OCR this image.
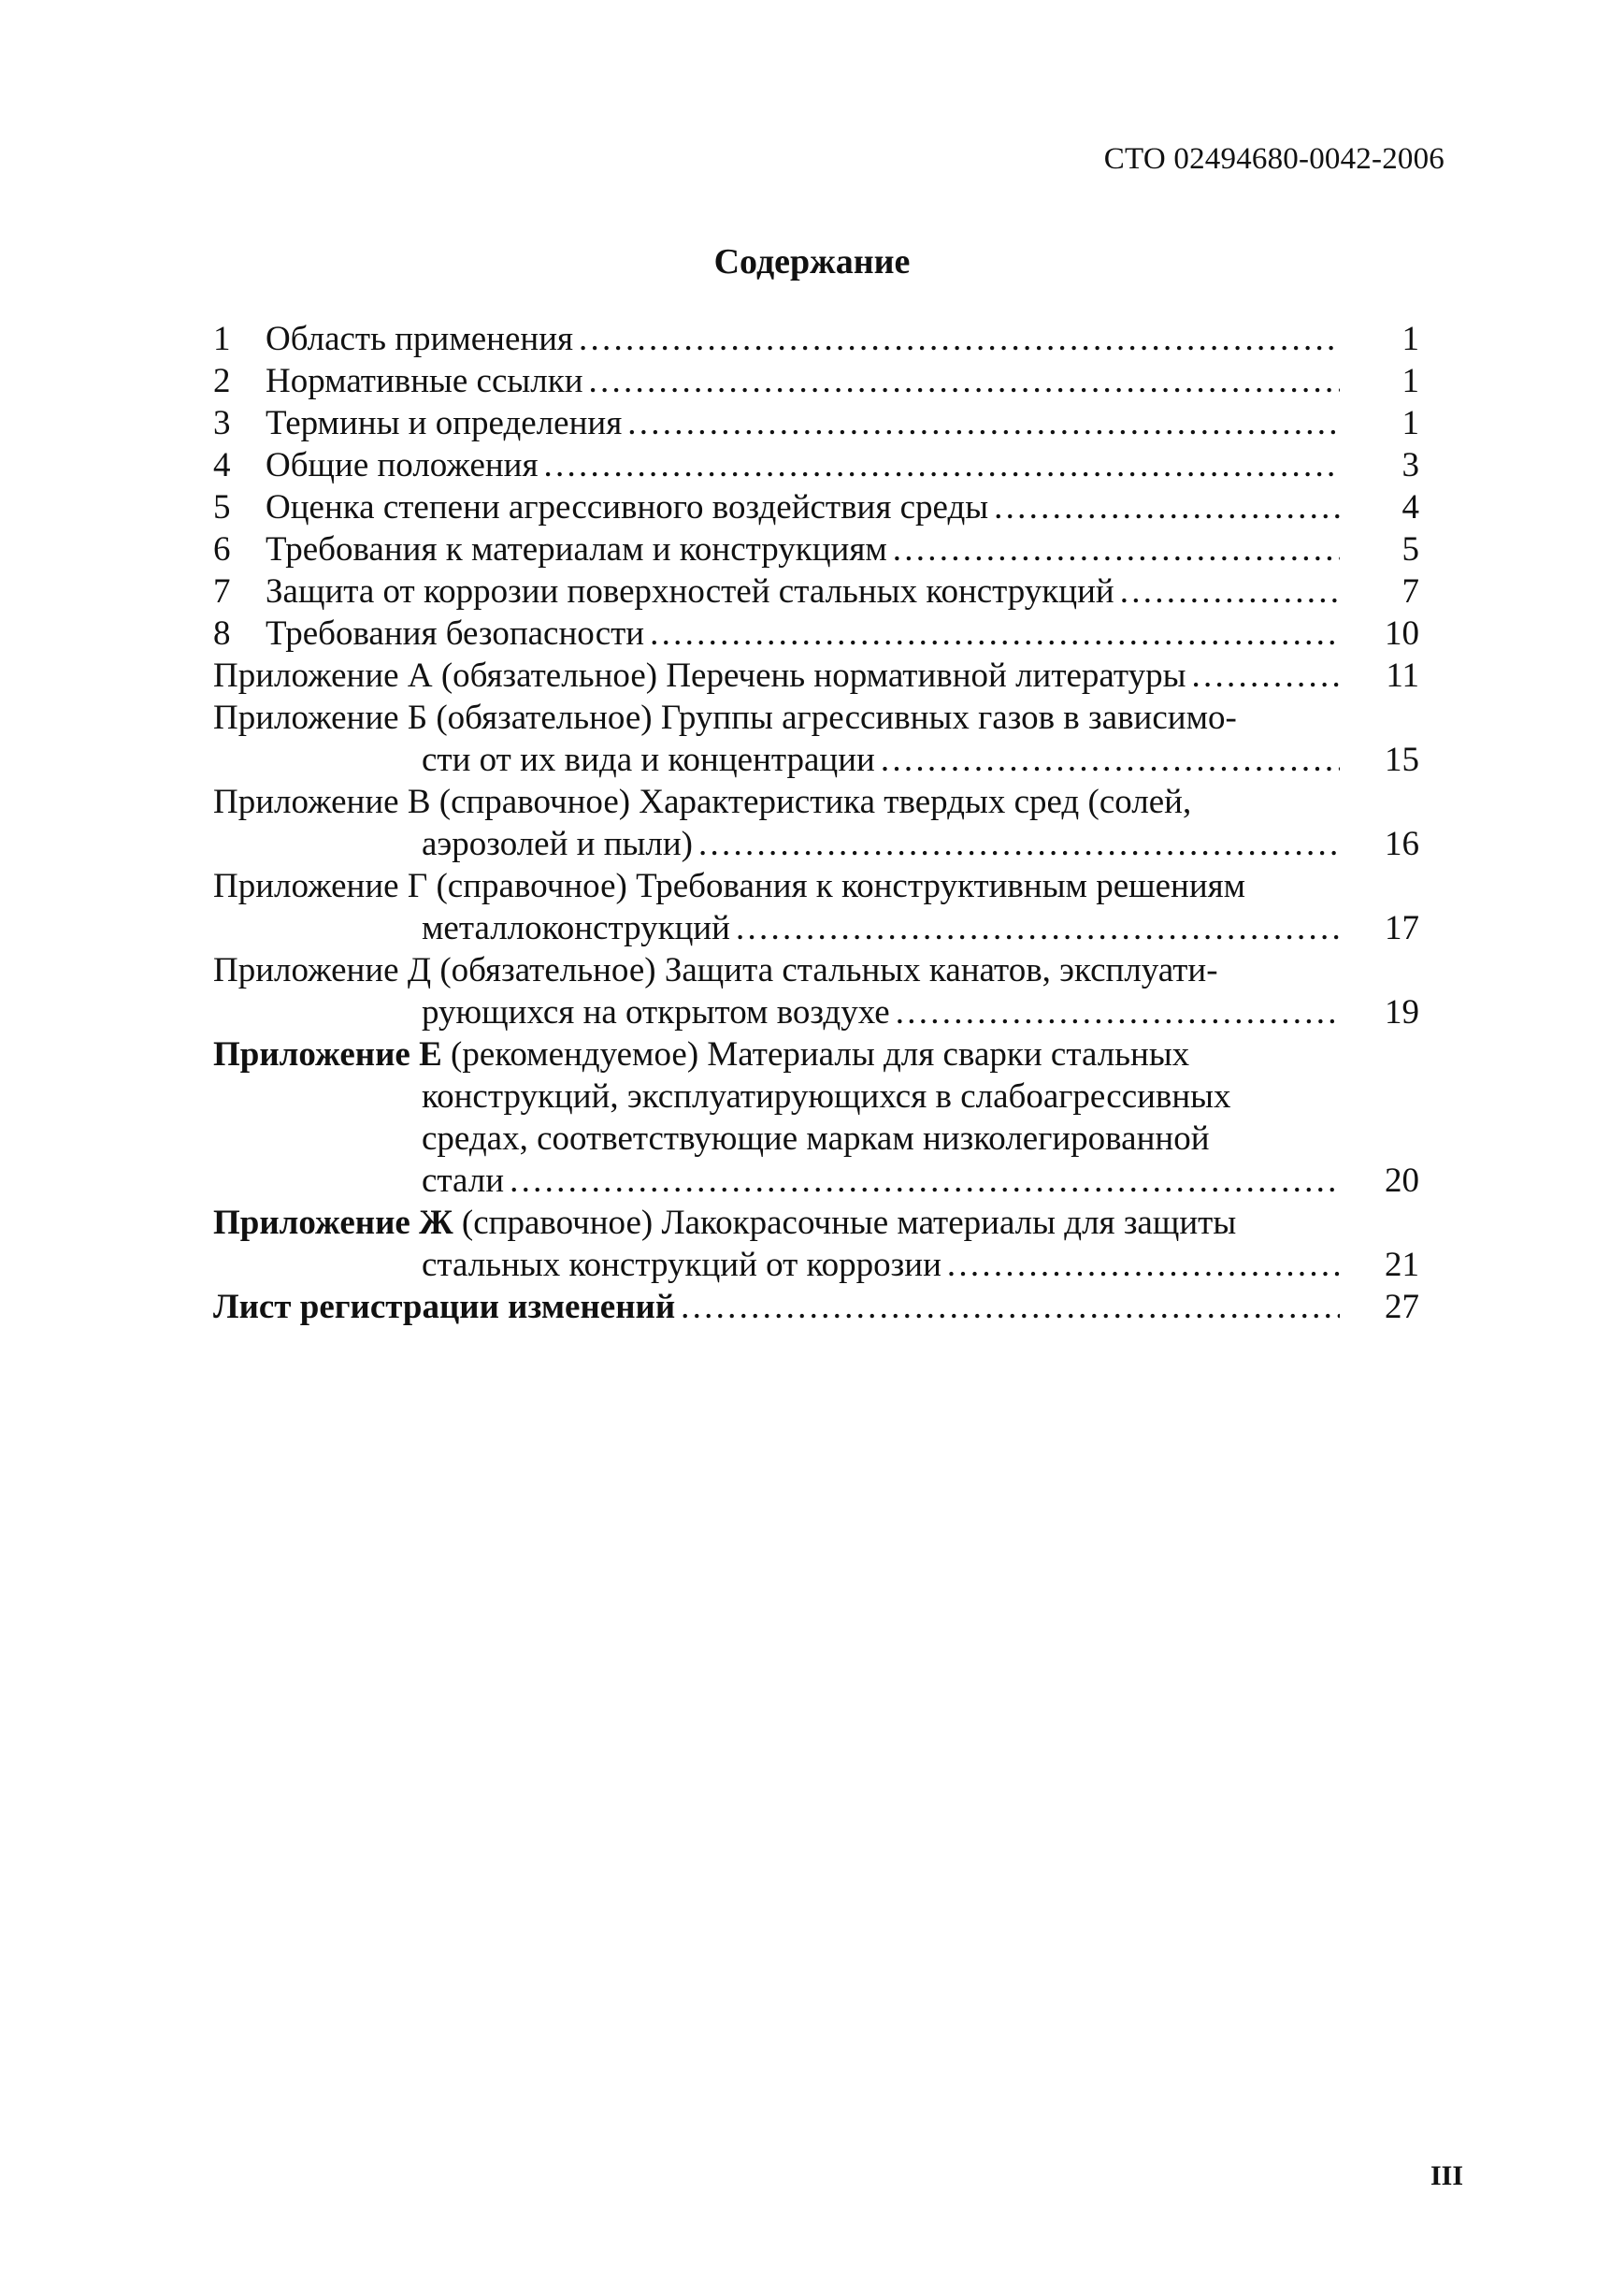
СТО 02494680-0042-2006
Содержание
1 Область применения . . .	1
2 Нормативные ссылки . . .	1
3 Термины и определения . . .	1
4 Общие положения . . .	3
5 Оценка степени агрессивного воздействия среды . . .	4
6 Требования к материалам и конструкциям . . .	5
7 Защита от коррозии поверхностей стальных конструкций . . .	7
8 Требования безопасности . . .	10
Приложение А (обязательное) Перечень нормативной литературы . . .	11
Приложение Б (обязательное) Группы агрессивных газов в зависимо-
сти от их вида и концентрации . . .	15
Приложение В (справочное) Характеристика твердых сред (солей,
аэрозолей и пыли) . . .	16
Приложение Г (справочное) Требования к конструктивным решениям
металлоконструкций . . .	17
Приложение Д (обязательное) Защита стальных канатов, эксплуати-
рующихся на открытом воздухе . . .	19
Приложение Е (рекомендуемое) Материалы для сварки стальных
конструкций, эксплуатирующихся в слабоагрессивных
средах, соответствующие маркам низколегированной
стали . . .	20
Приложение Ж (справочное) Лакокрасочные материалы для защиты
стальных конструкций от коррозии . . .	21
Лист регистрации изменений . . .	27
III
